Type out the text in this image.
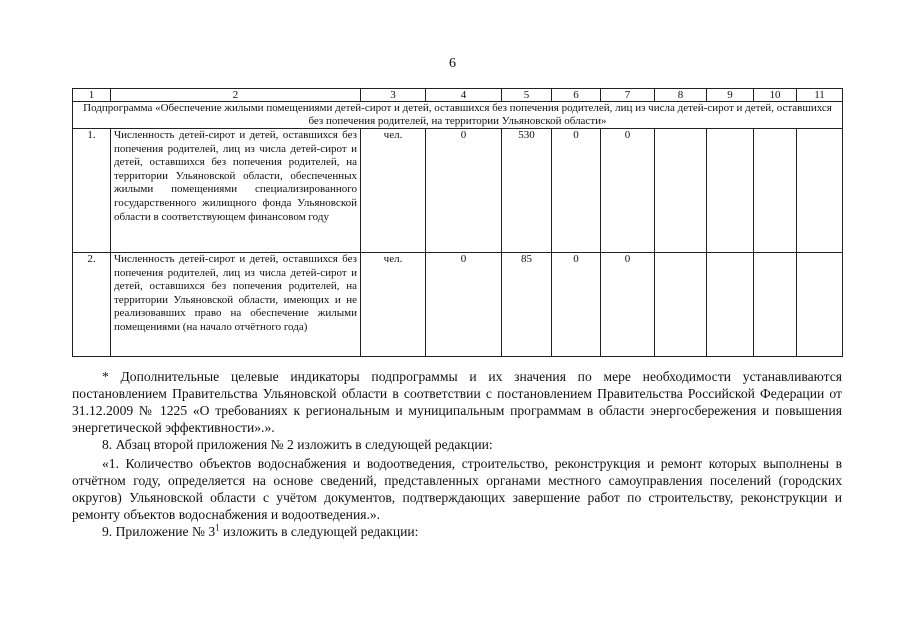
6
1	2	3	4	5	6	7	8	9	10	11
Подпрограмма «Обеспечение жилыми помещениями детей-сирот и детей, оставшихся без попечения родителей, лиц из числа детей-сирот и детей, оставшихся без попечения родителей, на территории Ульяновской области»										
1.	Численность детей-сирот и детей, оставшихся без попечения родителей, лиц из числа детей-сирот и детей, оставшихся без попечения родителей, на территории Ульяновской области, обеспеченных жилыми помещениями специализированного государственного жилищного фонда Ульяновской области в соответствующем финансовом году	чел.	0	530	0	0				
2.	Численность детей-сирот и детей, оставшихся без попечения родителей, лиц из числа детей-сирот и детей, оставшихся без попечения родителей, на территории Ульяновской области, имеющих и не реализовавших право на обеспечение жилыми помещениями (на начало отчётного года)	чел.	0	85	0	0				

* Дополнительные целевые индикаторы подпрограммы и их значения по мере необходимости устанавливаются постановлением Правительства Ульяновской области в соответствии с постановлением Правительства Российской Федерации от 31.12.2009 № 1225 «О требованиях к региональным и муниципальным программам в области энергосбережения и повышения энергетической эффективности».».

8. Абзац второй приложения № 2 изложить в следующей редакции:

«1. Количество объектов водоснабжения и водоотведения, строительство, реконструкция и ремонт которых выполнены в отчётном году, определяется на основе сведений, представленных органами местного самоуправления поселений (городских округов) Ульяновской области с учётом документов, подтверждающих завершение работ по строительству, реконструкции и ремонту объектов водоснабжения и водоотведения.».

9. Приложение № $3^1$ изложить в следующей редакции:
